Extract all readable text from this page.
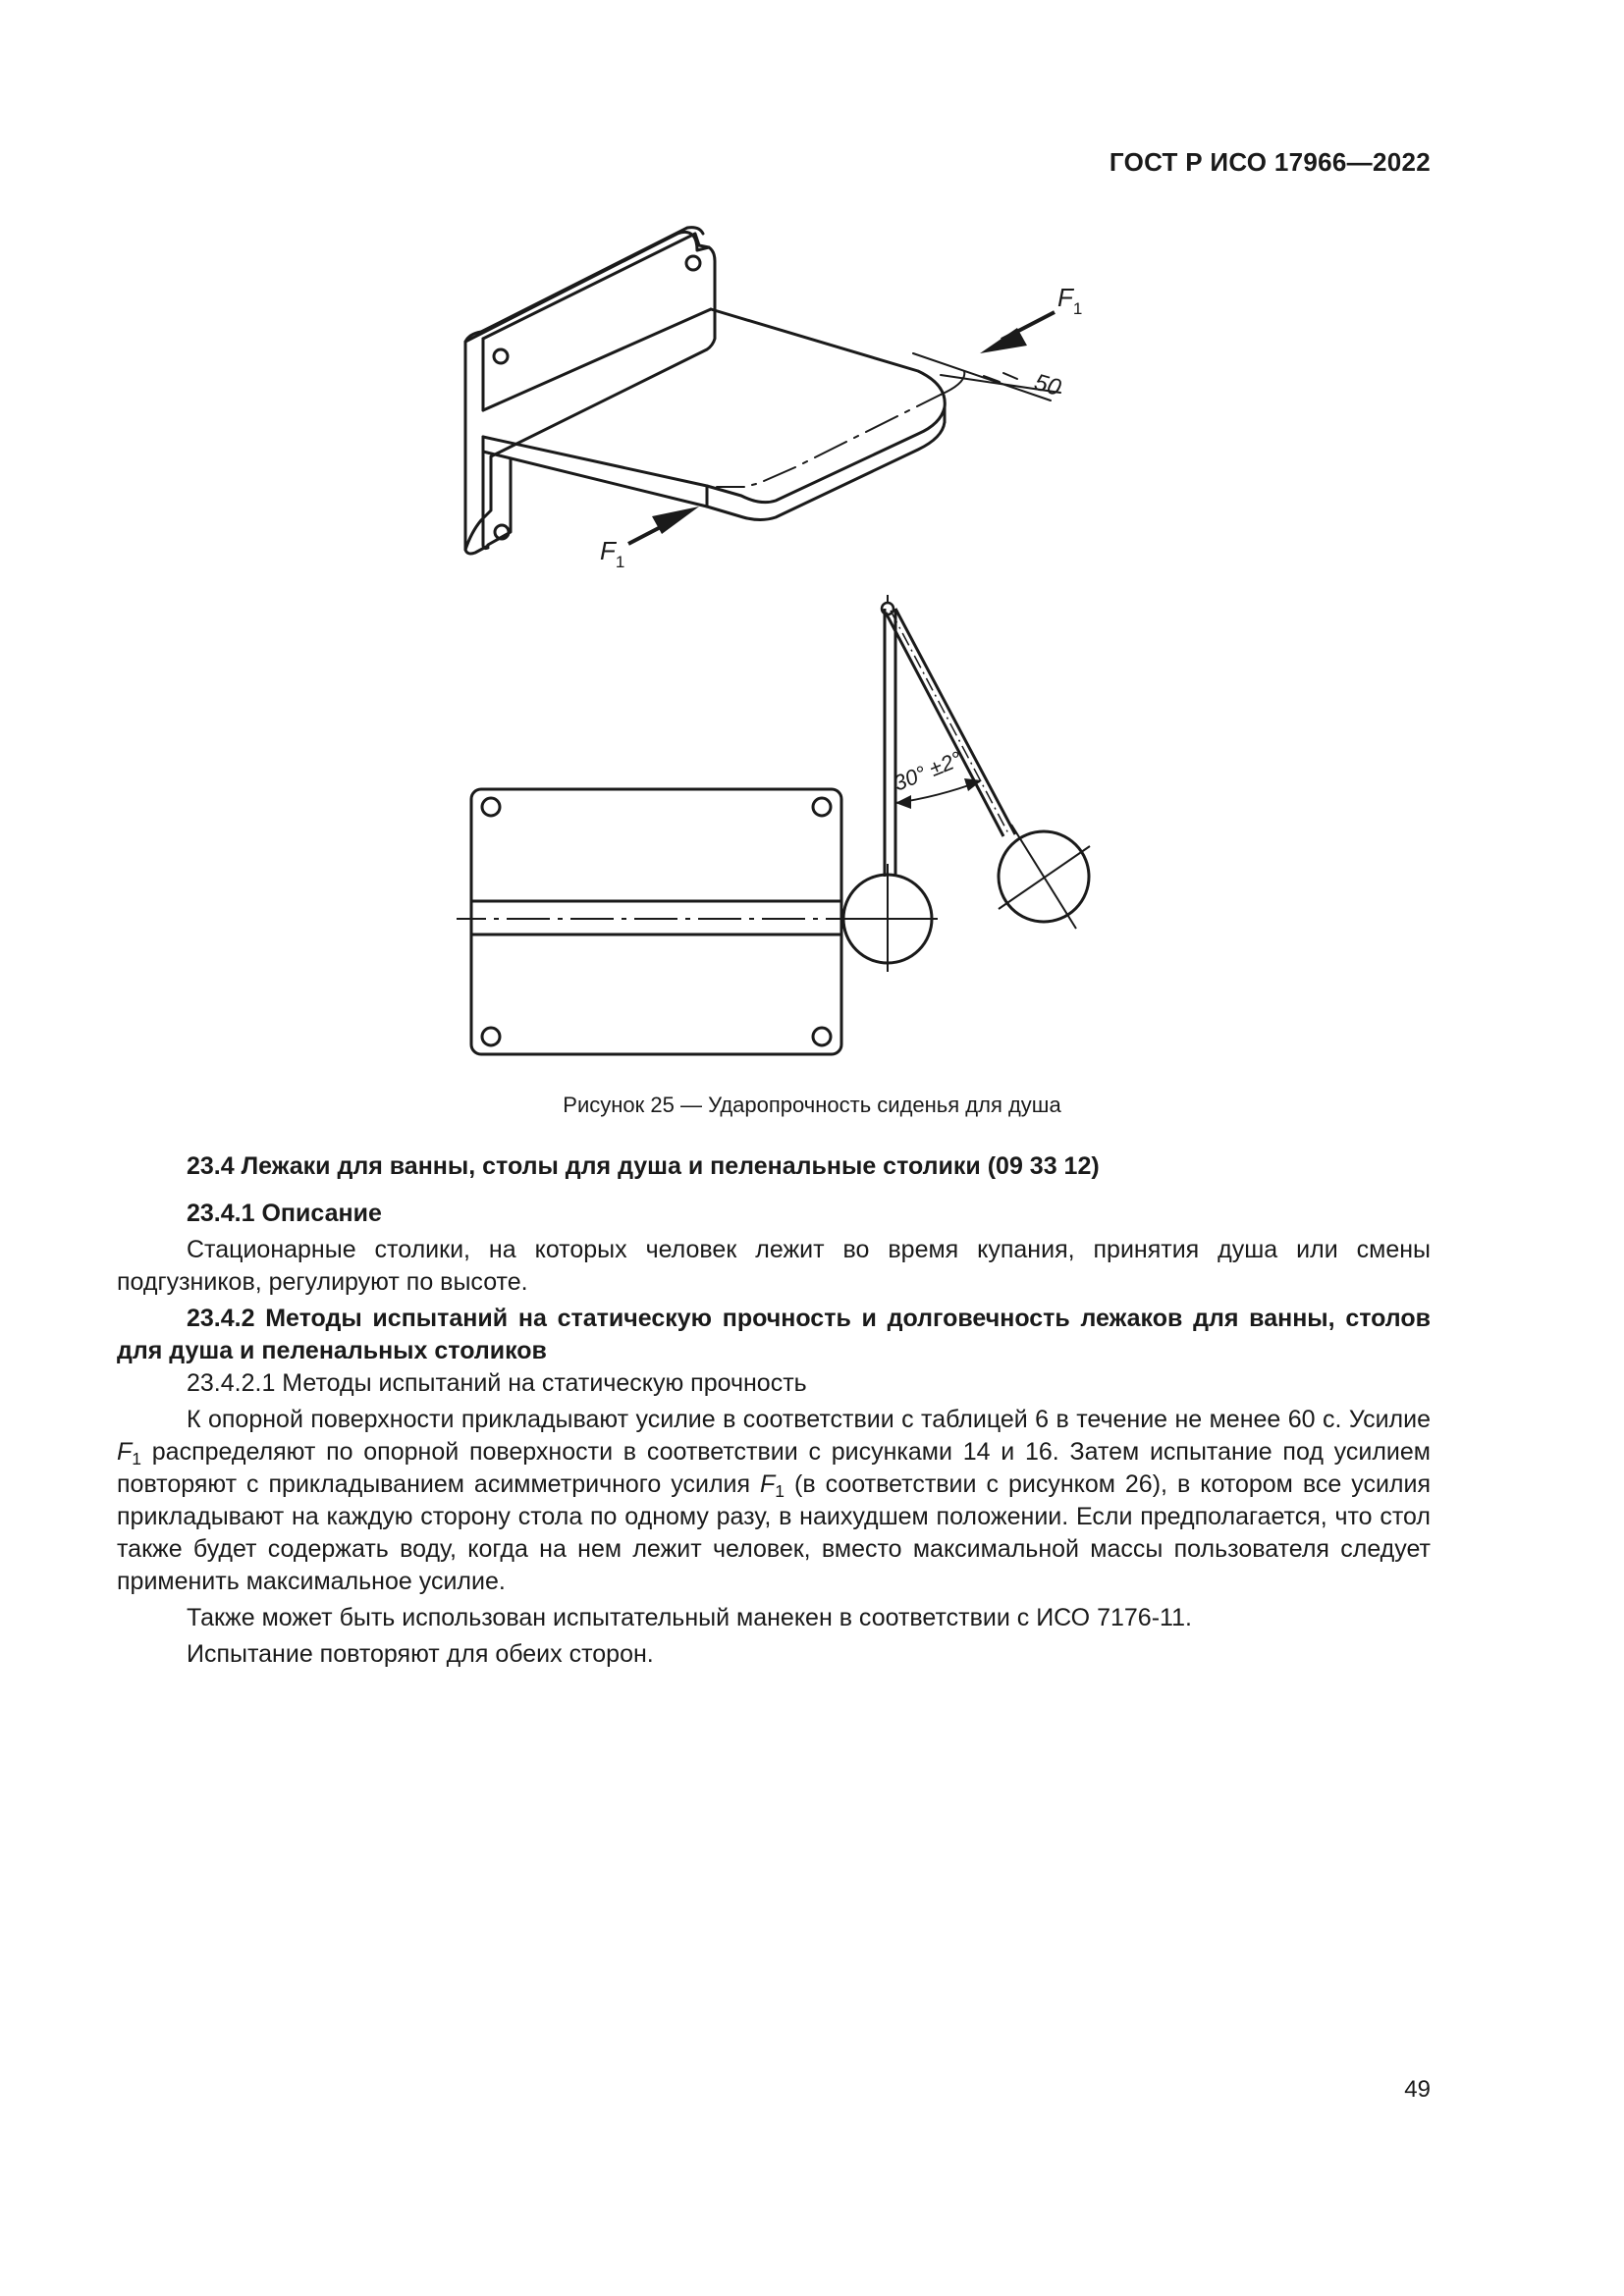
ГОСТ Р ИСО 17966—2022
$F_1$
$F_1$
50
30° ±2°
Рисунок 25 — Ударопрочность сиденья для душа

23.4 Лежаки для ванны, столы для душа и пеленальные столики (09 33 12)

23.4.1 Описание

Стационарные столики, на которых человек лежит во время купания, принятия душа или смены подгузников, регулируют по высоте.

23.4.2 Методы испытаний на статическую прочность и долговечность лежаков для ванны, столов для душа и пеленальных столиков

23.4.2.1 Методы испытаний на статическую прочность

К опорной поверхности прикладывают усилие в соответствии с таблицей 6 в течение не менее 60 с. Усилие $F_1$ распределяют по опорной поверхности в соответствии с рисунками 14 и 16. Затем испытание под усилием повторяют с прикладыванием асимметричного усилия $F_1$ (в соответствии с рисунком 26), в котором все усилия прикладывают на каждую сторону стола по одному разу, в наихудшем положении. Если предполагается, что стол также будет содержать воду, когда на нем лежит человек, вместо максимальной массы пользователя следует применить максимальное усилие.

Также может быть использован испытательный манекен в соответствии с ИСО 7176-11.

Испытание повторяют для обеих сторон.

49
